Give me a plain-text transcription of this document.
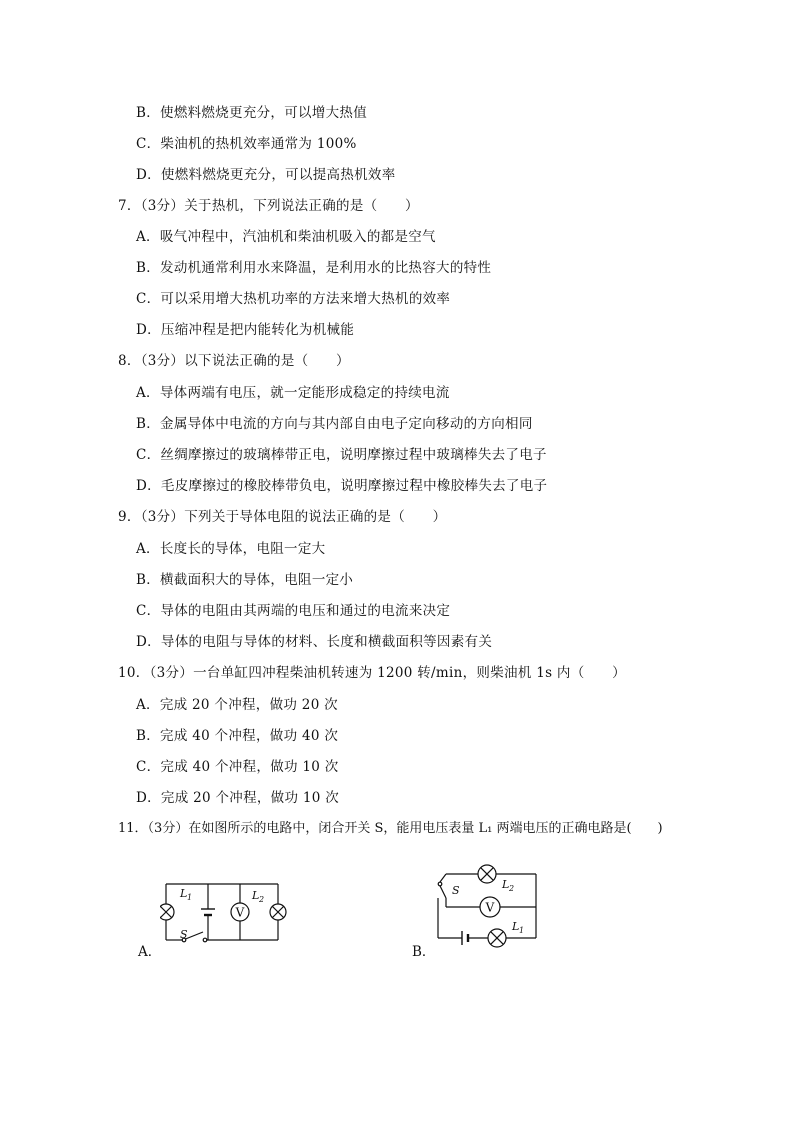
B．使燃料燃烧更充分，可以增大热值
C．柴油机的热机效率通常为 100%
D．使燃料燃烧更充分，可以提高热机效率
7．（3分）关于热机，下列说法正确的是（　　）
A．吸气冲程中，汽油机和柴油机吸入的都是空气
B．发动机通常利用水来降温，是利用水的比热容大的特性
C．可以采用增大热机功率的方法来增大热机的效率
D．压缩冲程是把内能转化为机械能
8．（3分）以下说法正确的是（　　）
A．导体两端有电压，就一定能形成稳定的持续电流
B．金属导体中电流的方向与其内部自由电子定向移动的方向相同
C．丝绸摩擦过的玻璃棒带正电，说明摩擦过程中玻璃棒失去了电子
D．毛皮摩擦过的橡胶棒带负电，说明摩擦过程中橡胶棒失去了电子
9．（3分）下列关于导体电阻的说法正确的是（　　）
A．长度长的导体，电阻一定大
B．横截面积大的导体，电阻一定小
C．导体的电阻由其两端的电压和通过的电流来决定
D．导体的电阻与导体的材料、长度和横截面积等因素有关
10．（3分）一台单缸四冲程柴油机转速为 1200 转/min，则柴油机 1s 内（　　）
A．完成 20 个冲程，做功 20 次
B．完成 40 个冲程，做功 40 次
C．完成 40 个冲程，做功 10 次
D．完成 20 个冲程，做功 10 次
11．（3分）在如图所示的电路中，闭合开关 S，能用电压表量 L₁ 两端电压的正确电路是(　　)
A．	B．
V
L 1	L 2
S
V
S	L 2
L 1
